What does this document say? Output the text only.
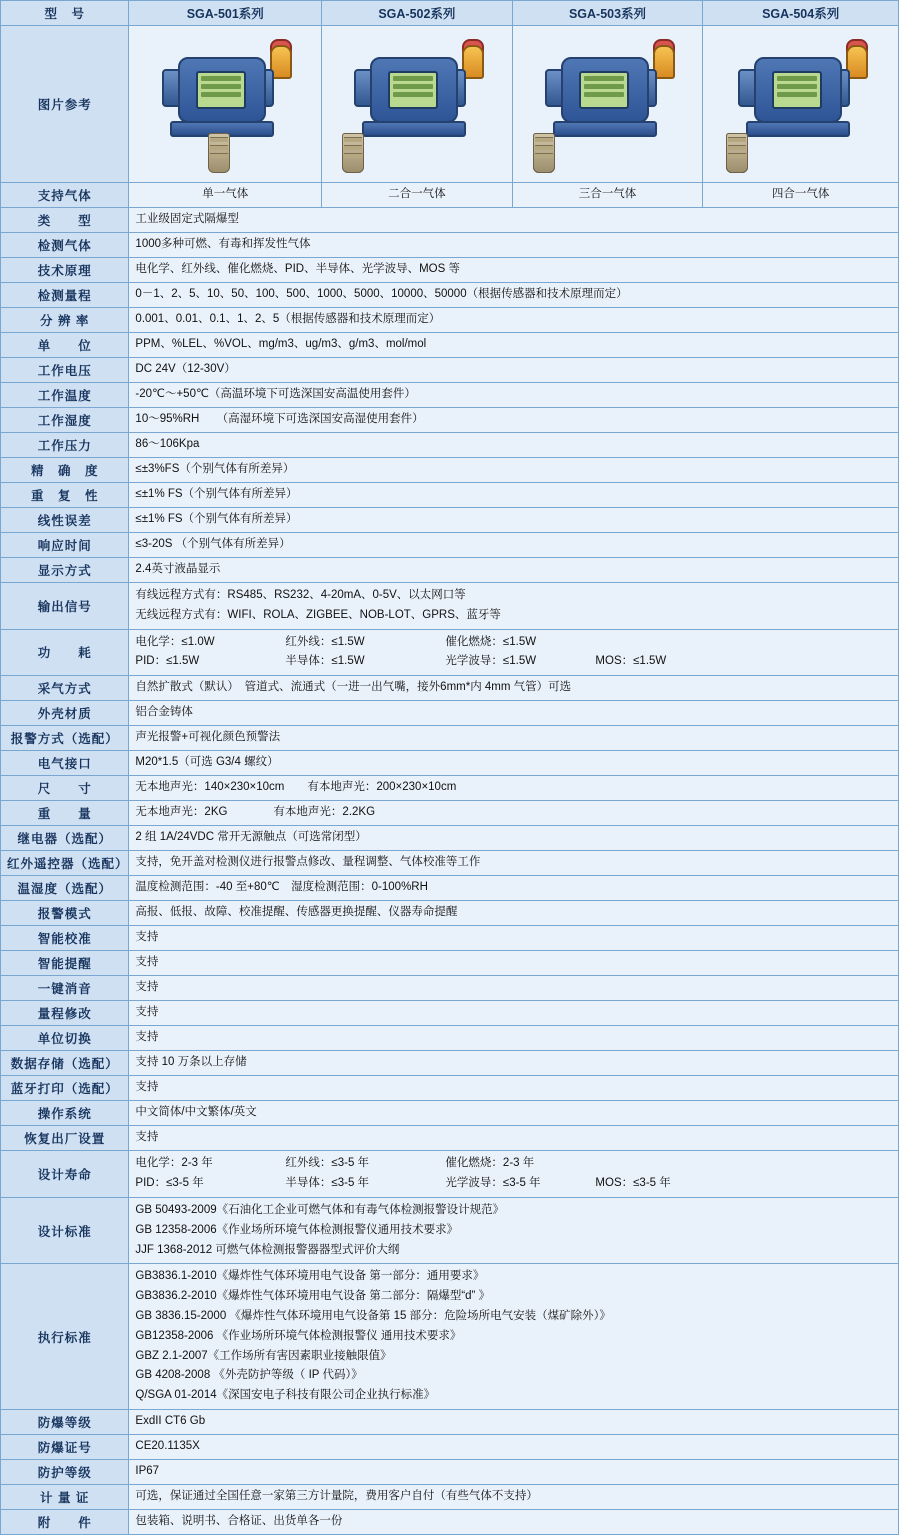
型　号	SGA-501系列	SGA-502系列	SGA-503系列	SGA-504系列
图片参考	

支持气体	单一气体	二合一气体	三合一气体	四合一气体
类　　型	工业级固定式隔爆型			
检测气体	1000多种可燃、有毒和挥发性气体			
技术原理	电化学、红外线、催化燃烧、PID、半导体、光学波导、MOS 等			
检测量程	0－1、2、5、10、50、100、500、1000、5000、10000、50000（根据传感器和技术原理而定）			
分 辨 率	0.001、0.01、0.1、1、2、5（根据传感器和技术原理而定）			
单　　位	PPM、%LEL、%VOL、mg/m3、ug/m3、g/m3、mol/mol			
工作电压	DC 24V（12-30V）			
工作温度	-20℃～+50℃（高温环境下可选深国安高温使用套件）			
工作湿度	10～95%RH　　（高湿环境下可选深国安高湿使用套件）			
工作压力	86～106Kpa			
精　确　度	≤±3%FS（个别气体有所差异）			
重　复　性	≤±1% FS（个别气体有所差异）			
线性误差	≤±1% FS（个别气体有所差异）			
响应时间	≤3-20S （个别气体有所差异）			
显示方式	2.4英寸液晶显示			
输出信号	有线远程方式有：RS485、RS232、4-20mA、0-5V、以太网口等
无线远程方式有：WIFI、ROLA、ZIGBEE、NOB-LOT、GPRS、蓝牙等			

功　　耗	
电化学：≤1.0W	红外线：≤1.5W	催化燃烧：≤1.5W
PID：≤1.5W	半导体：≤1.5W	光学波导：≤1.5W	MOS：≤1.5W

采气方式	自然扩散式（默认）　管道式、流通式（一进一出气嘴，接外6mm*内 4mm 气管）可选			
外壳材质	铝合金铸体			
报警方式（选配）	声光报警+可视化颜色预警法			
电气接口	M20*1.5（可选 G3/4 螺纹）			
尺　　寸	无本地声光：140×230×10cm　　有本地声光：200×230×10cm			
重　　量	无本地声光：2KG　　　　有本地声光：2.2KG			
继电器（选配）	2 组 1A/24VDC 常开无源触点（可选常闭型）			
红外遥控器（选配）	支持，免开盖对检测仪进行报警点修改、量程调整、气体校准等工作			
温湿度（选配）	温度检测范围：-40 至+80℃　湿度检测范围：0-100%RH			
报警模式	高报、低报、故障、校准提醒、传感器更换提醒、仪器寿命提醒			
智能校准	支持			
智能提醒	支持			
一键消音	支持			
量程修改	支持			
单位切换	支持			
数据存储（选配）	支持 10 万条以上存储			
蓝牙打印（选配）	支持			
操作系统	中文简体/中文繁体/英文			
恢复出厂设置	支持			
设计寿命	
电化学：2-3 年	红外线：≤3-5 年	催化燃烧：2-3 年
PID：≤3-5 年	半导体：≤3-5 年	光学波导：≤3-5 年	MOS：≤3-5 年

设计标准	GB 50493-2009《石油化工企业可燃气体和有毒气体检测报警设计规范》
GB 12358-2006《作业场所环境气体检测报警仪通用技术要求》
JJF 1368-2012 可燃气体检测报警器器型式评价大纲			

执行标准	
GB3836.1-2010《爆炸性气体环境用电气设备 第一部分：通用要求》
GB3836.2-2010《爆炸性气体环境用电气设备 第二部分：隔爆型“d” 》
GB 3836.15-2000 《爆炸性气体环境用电气设备第 15 部分：危险场所电气安装（煤矿除外）》
GB12358-2006 《作业场所环境气体检测报警仪 通用技术要求》
GBZ 2.1-2007《工作场所有害因素职业接触限值》
GB 4208-2008 《外壳防护等级（ IP 代码）》
Q/SGA 01-2014《深国安电子科技有限公司企业执行标准》

防爆等级	ExdII CT6 Gb			
防爆证号	CE20.1135X			
防护等级	IP67			
计 量 证	可选，保证通过全国任意一家第三方计量院，费用客户自付（有些气体不支持）			
附　　件	包装箱、说明书、合格证、出货单各一份			
